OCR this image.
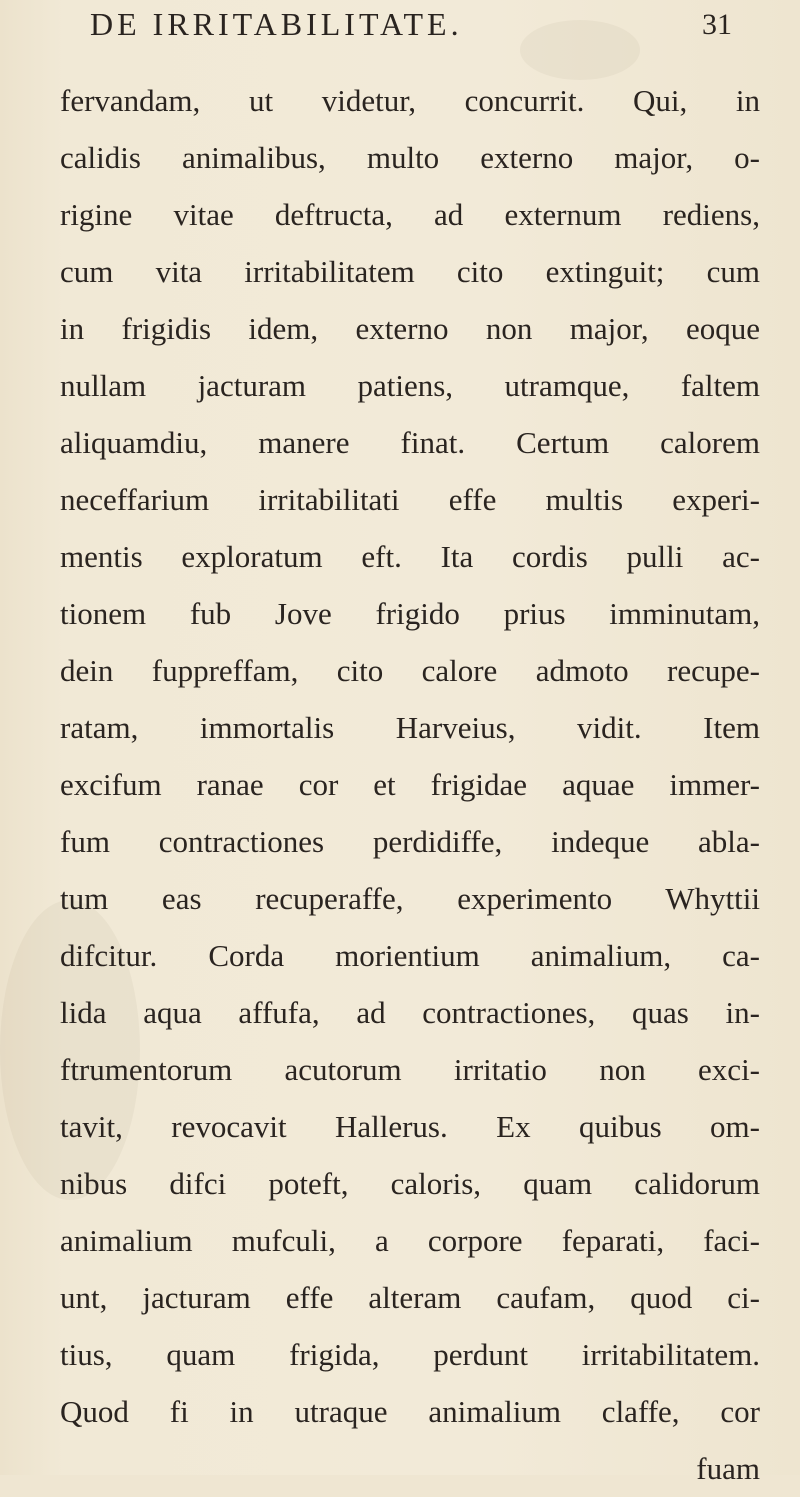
DE IRRITABILITATE.	31
fervandam, ut videtur, concurrit. Qui, in
calidis animalibus, multo externo major, o-
rigine vitae deftructa, ad externum rediens,
cum vita irritabilitatem cito extinguit; cum
in frigidis idem, externo non major, eoque
nullam jacturam patiens, utramque, faltem
aliquamdiu, manere finat. Certum calorem
neceffarium irritabilitati effe multis experi-
mentis exploratum eft. Ita cordis pulli ac-
tionem fub Jove frigido prius imminutam,
dein fuppreffam, cito calore admoto recupe-
ratam, immortalis Harveius, vidit. Item
excifum ranae cor et frigidae aquae immer-
fum contractiones perdidiffe, indeque abla-
tum eas recuperaffe, experimento Whyttii
difcitur. Corda morientium animalium, ca-
lida aqua affufa, ad contractiones, quas in-
ftrumentorum acutorum irritatio non exci-
tavit, revocavit Hallerus. Ex quibus om-
nibus difci poteft, caloris, quam calidorum
animalium mufculi, a corpore feparati, faci-
unt, jacturam effe alteram caufam, quod ci-
tius, quam frigida, perdunt irritabilitatem.
Quod fi in utraque animalium claffe, cor
fuam
